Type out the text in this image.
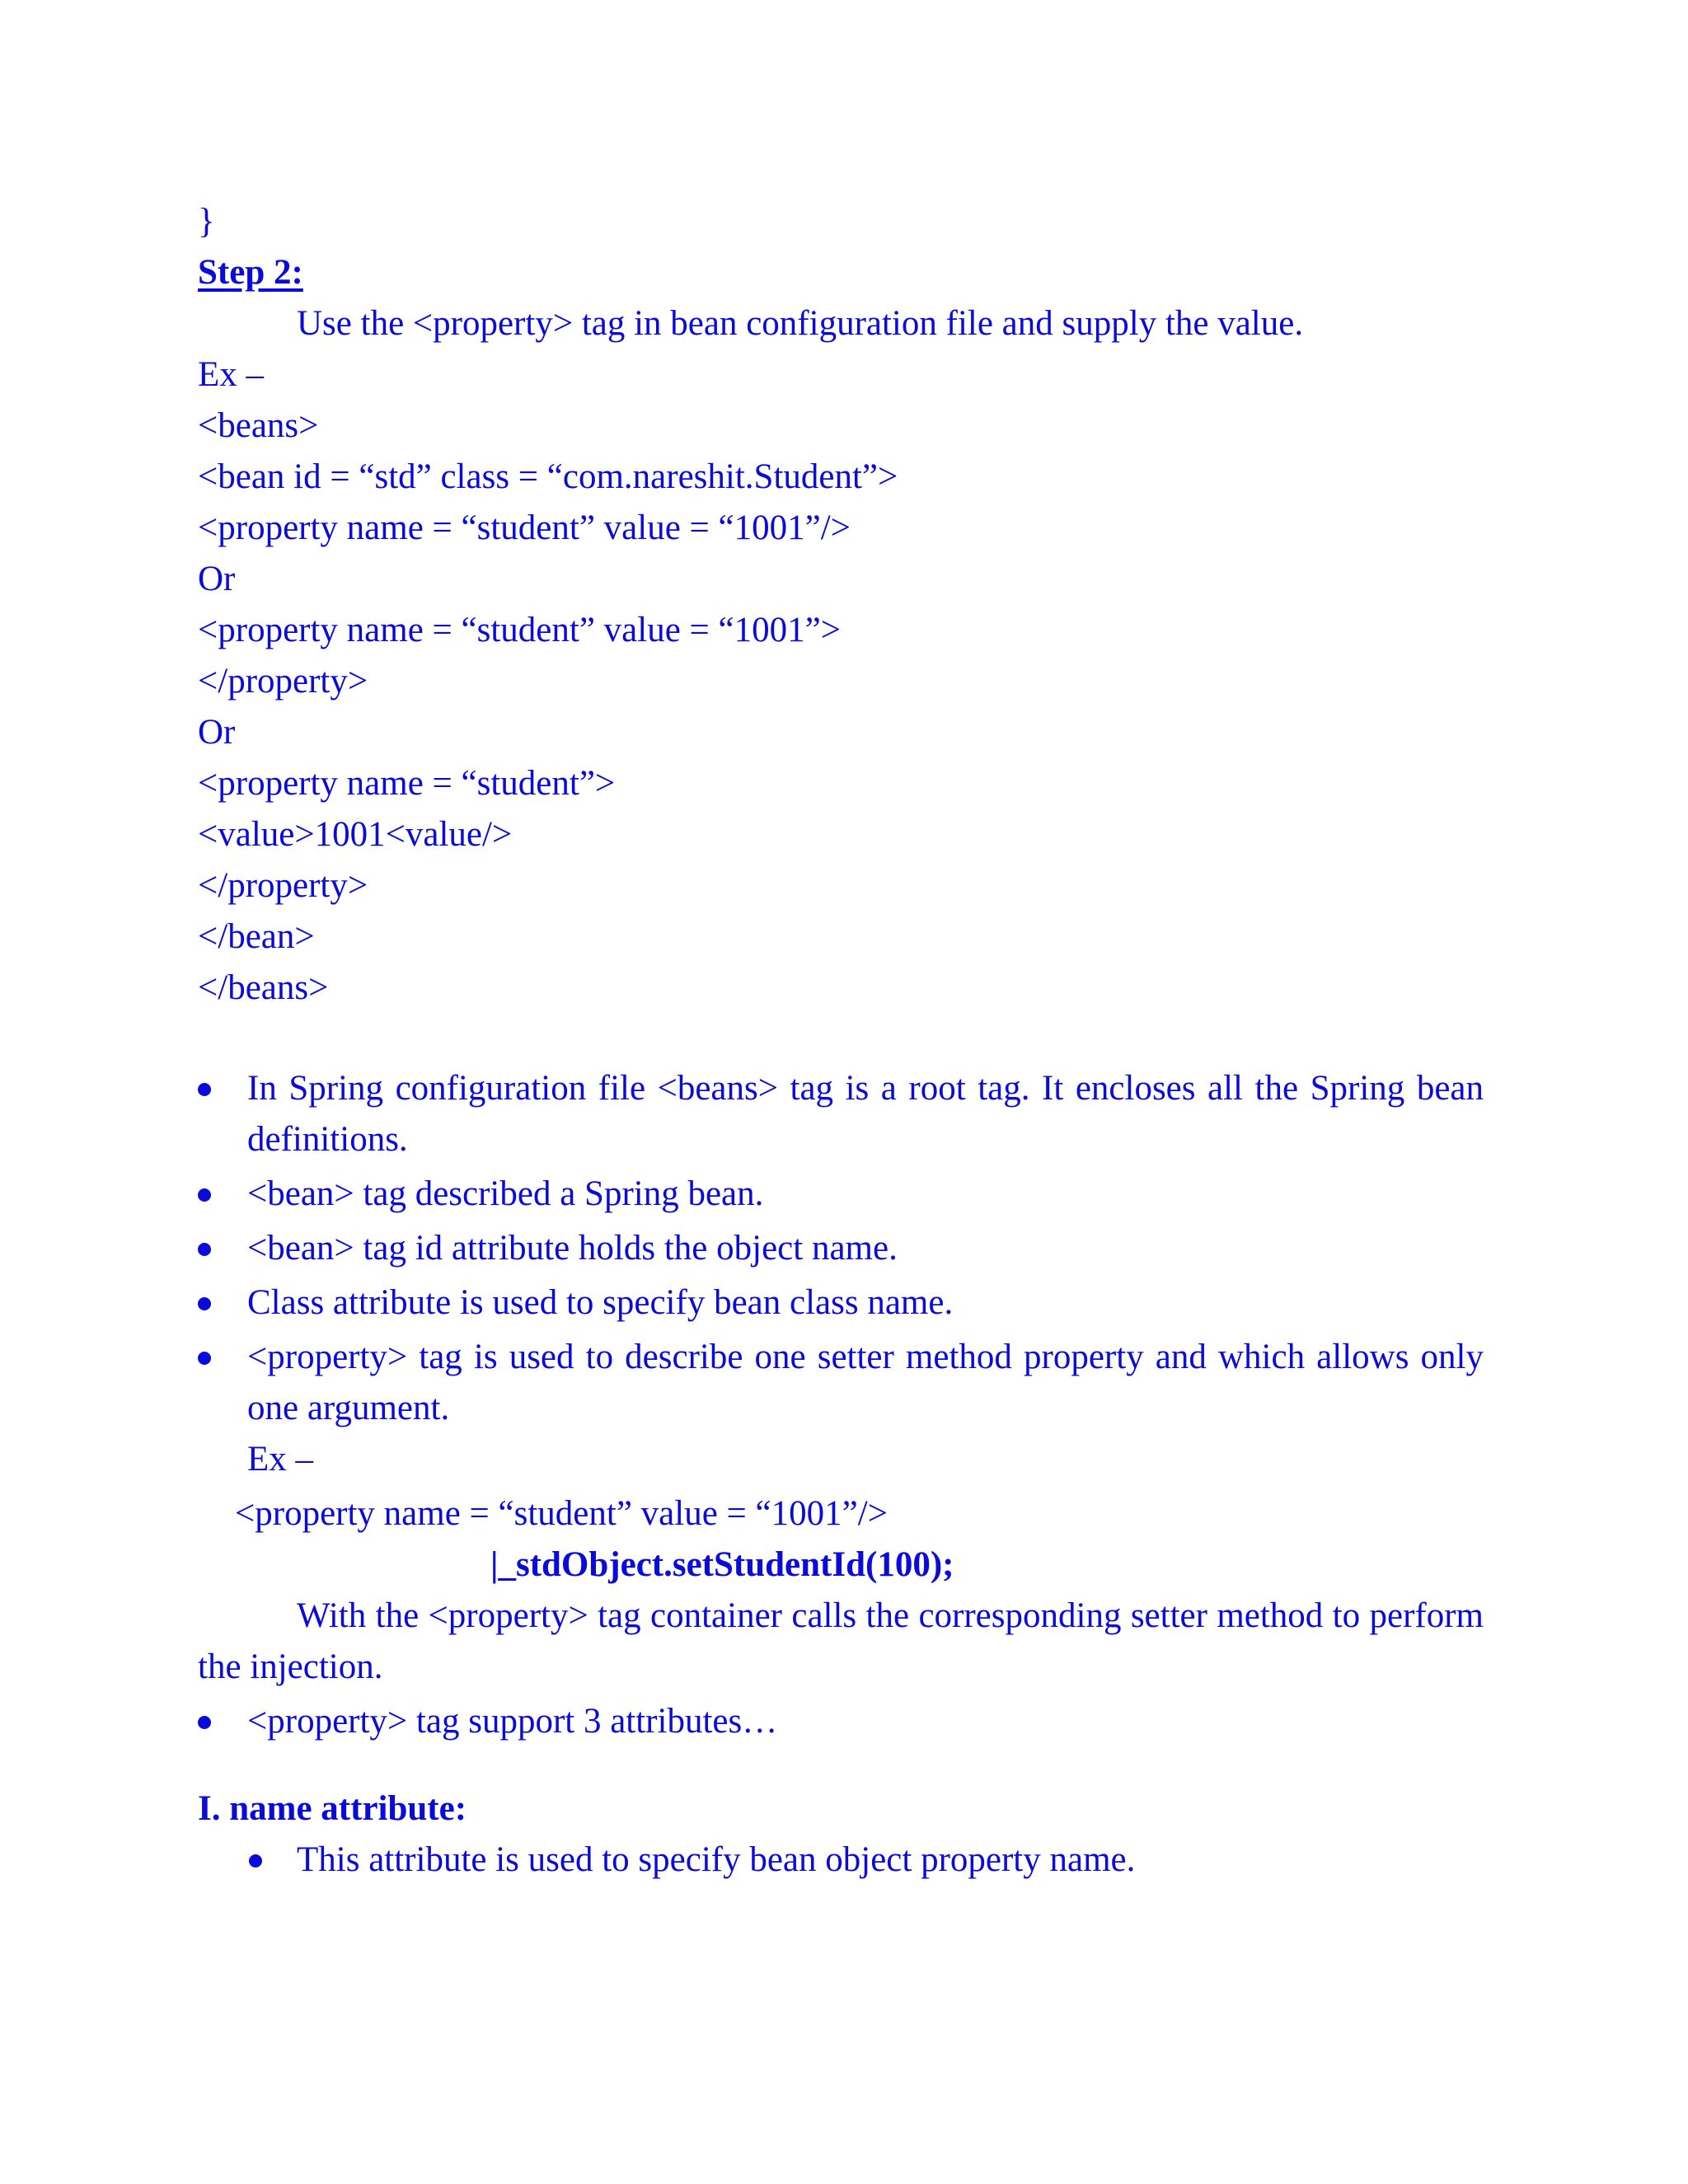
}
Step 2:
Use the <property> tag in bean configuration file and supply the value.
Ex –
<beans>
<bean id = “std” class = “com.nareshit.Student”>
<property name = “student” value = “1001”/>
Or
<property name = “student” value = “1001”>
</property>
Or
<property name = “student”>
<value>1001<value/>
</property>
</bean>
</beans>
In Spring configuration file <beans> tag is a root tag. It encloses all the Spring bean definitions.
<bean> tag described a Spring bean.
<bean> tag id attribute holds the object name.
Class attribute is used to specify bean class name.
<property> tag is used to describe one setter method property and which allows only one argument.
Ex –
<property name = “student” value = “1001”/>
|_stdObject.setStudentId(100);
With the <property> tag container calls the corresponding setter method to perform the injection.
<property> tag support 3 attributes…
I. name attribute:
This attribute is used to specify bean object property name.
